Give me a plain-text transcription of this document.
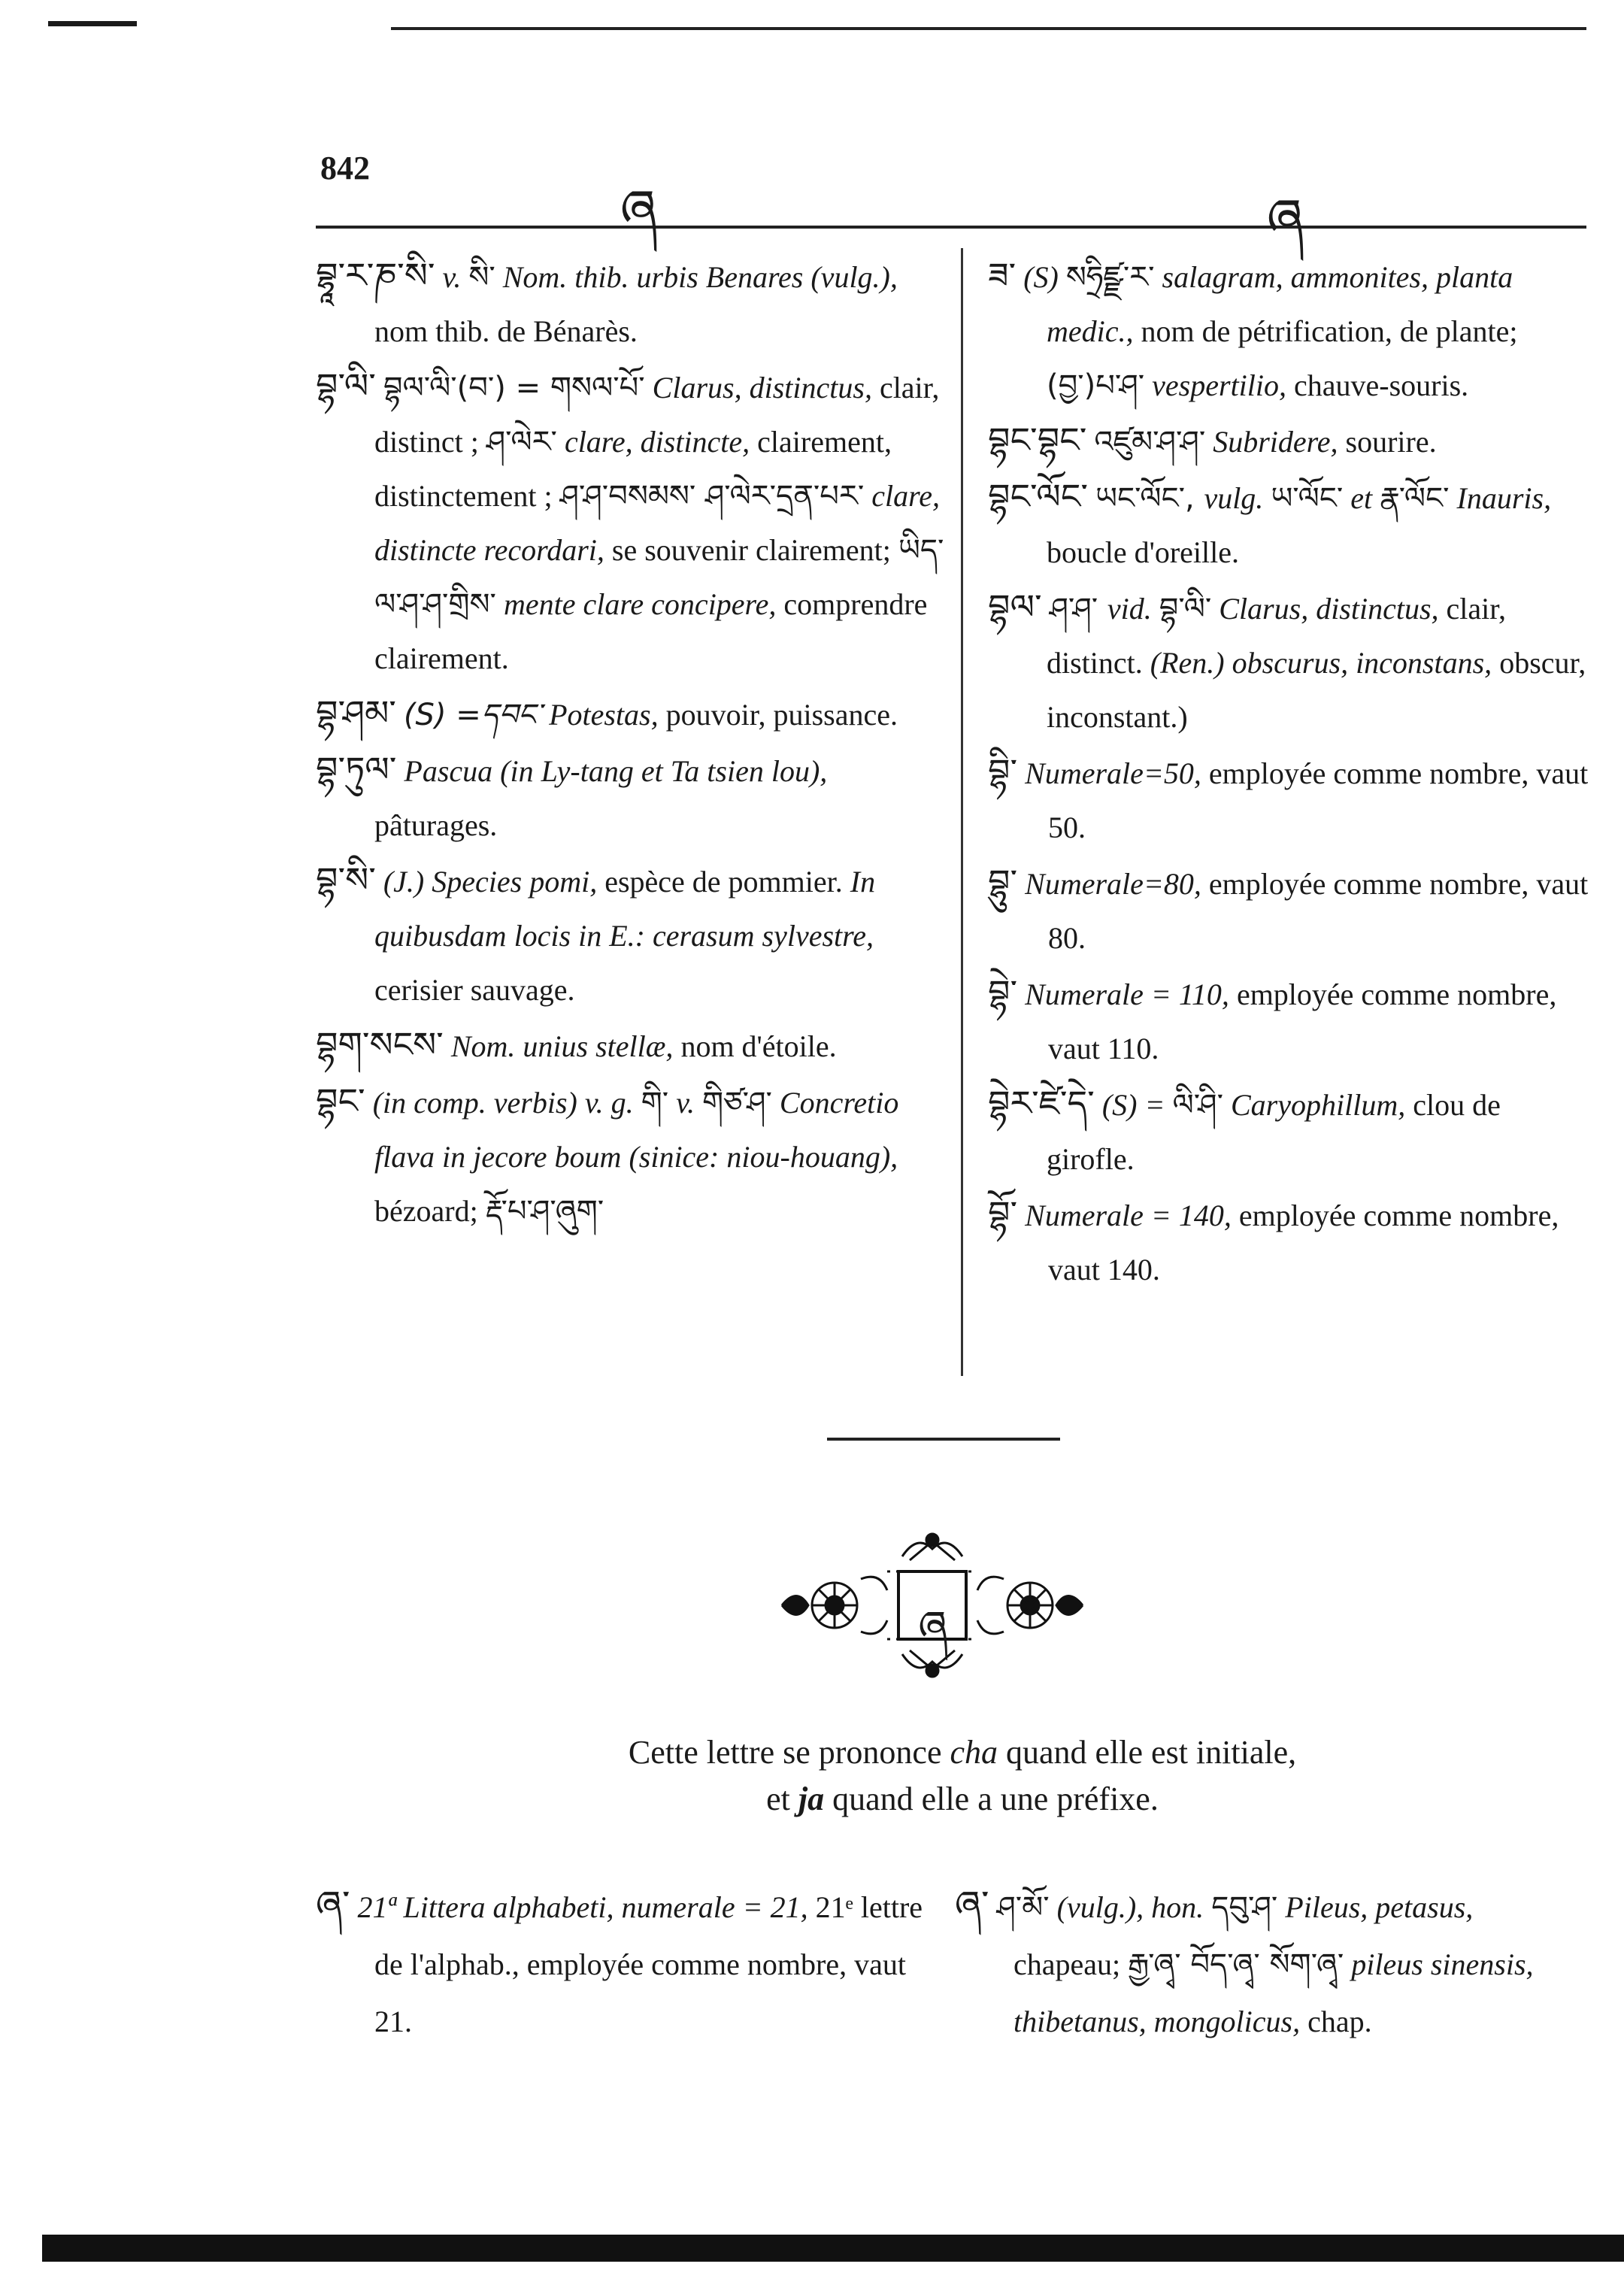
842
ཞ	ཞ
བྷཱ་ར་ཎ་སི་ v. སི་ Nom. thib. urbis Benares (vulg.), nom thib. de Bénarès.
བྷ་ལི་ བྷལ་ལི་(བ་) = གསལ་པོ་ Clarus, distinctus, clair, distinct ; ཤ་ལེར་ clare, distincte, clairement, distinctement ; ཤ་ཤ་བསམས་ ཤ་ལེར་དྲན་པར་ clare, distincte recordari, se souvenir clairement; ཡིད་ལ་ཤ་ཤ་གྲིས་ mente clare concipere, comprendre clairement.
བྷ་ཤམ་ (S) =དབང་ Potestas, pouvoir, puissance.
བྷ་ཏུལ་ Pascua (in Ly-tang et Ta tsien lou), pâturages.
བྷ་སི་ (J.) Species pomi, espèce de pommier. In quibusdam locis in E.: cerasum sylvestre, cerisier sauvage.
བྷག་སངས་ Nom. unius stellæ, nom d'étoile.
བྷང་ (in comp. verbis) v. g. གི་ v. གིཙ་ཤ་ Concretio flava in jecore boum (sinice: niou-houang), bézoard; རྡོ་པ་ཤ་ཞུག་
ཟ་ (S) སཧྲིཛྫ་ར་ salagram, ammonites, planta medic., nom de pétrification, de plante; (བྱ་)པ་ཤ་ vespertilio, chauve-souris.
བྷང་བྷང་ འཛུམ་ཤ་ཤ་ Subridere, sourire.
བྷང་ལོང་ ཡང་ལོང་, vulg. ཡ་ལོང་ et རྣ་ལོང་ Inauris, boucle d'oreille.
བྷལ་ ཤ་ཤ་ vid. བྷ་ལི་ Clarus, distinctus, clair, distinct. (Ren.) obscurus, inconstans, obscur, inconstant.)
བྷི་ Numerale=50, employée comme nombre, vaut 50.
བྷུ་ Numerale=80, employée comme nombre, vaut 80.
བྷེ་ Numerale = 110, employée comme nombre, vaut 110.
བྷེར་ཛེ་དེ་ (S) = ལི་ཤི་ Caryophillum, clou de girofle.
བྷོ་ Numerale = 140, employée comme nombre, vaut 140.
ཞ
Cette lettre se prononce cha quand elle est initiale,
et ja quand elle a une préfixe.
ཞ་ 21ª Littera alphabeti, numerale = 21, 21ᵉ lettre de l'alphab., employée comme nombre, vaut 21.
ཞ་ ཤ་མོ་ (vulg.), hon. དབུ་ཤ་ Pileus, petasus, chapeau; རྒྱ་ཞྭ་ བོད་ཞྭ་ སོག་ཞྭ་ pileus sinensis, thibetanus, mongolicus, chap.
